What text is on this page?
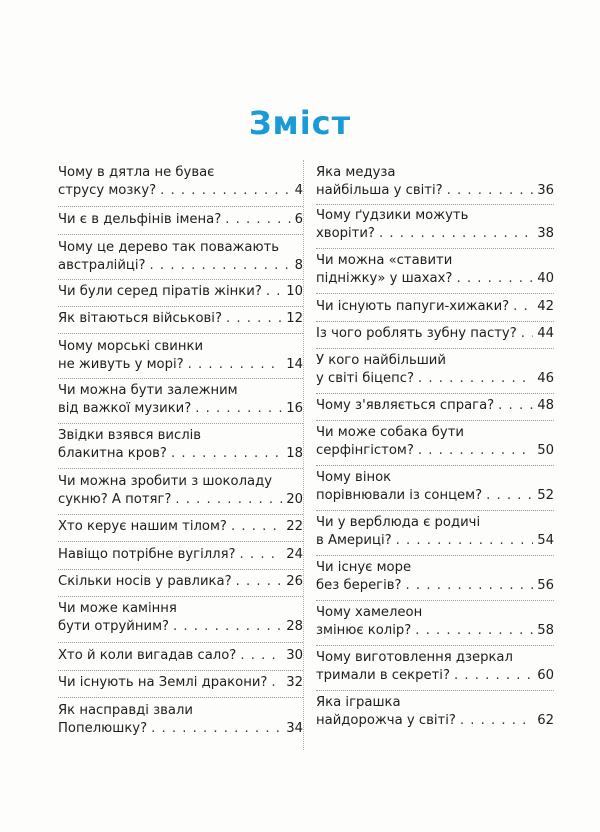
Зміст
Чому в дятла не буває
струсу мозку? . . .	4
Чи є в дельфінів імена? . . .	6
Чому це дерево так поважають
австралійці? . . .	8
Чи були серед піратів жінки? . . . 10
Як вітаються військові? . . .	12
Чому морські свинки
не живуть у морі? . . .	14
Чи можна бути залежним
від важкої музики? . . .	16
Звідки взявся вислів
блакитна кров? . . .	18
Чи можна зробити з шоколаду
сукню? А потяг? . . .	20
Хто керує нашим тілом? . . .	22
Навіщо потрібне вугілля? . . .	24
Скільки носів у равлика? . . .	26
Чи може каміння
бути отруйним? . . .	28
Хто й коли вигадав сало? . . .	30
Чи існують на Землі дракони? . . . 32
Як насправді звали
Попелюшку? . . .	34
Яка медуза
найбільша у світі? . . .	36
Чому ґудзики можуть
хворіти? . . .	38
Чи можна «ставити
підніжку» у шахах? . . .	40
Чи існують папуги-хижаки? . . . 42
Із чого роблять зубну пасту? . . . 44
У кого найбільший
у світі біцепс? . . .	46
Чому з'являється спрага? . . .	48
Чи може собака бути
серфінгістом? . . .	50
Чому вінок
порівнювали із сонцем? . . .	52
Чи у верблюда є родичі
в Америці? . . .	54
Чи існує море
без берегів? . . .	56
Чому хамелеон
змінює колір? . . .	58
Чому виготовлення дзеркал
тримали в секреті? . . .	60
Яка іграшка
найдорожча у світі? . . .	62
